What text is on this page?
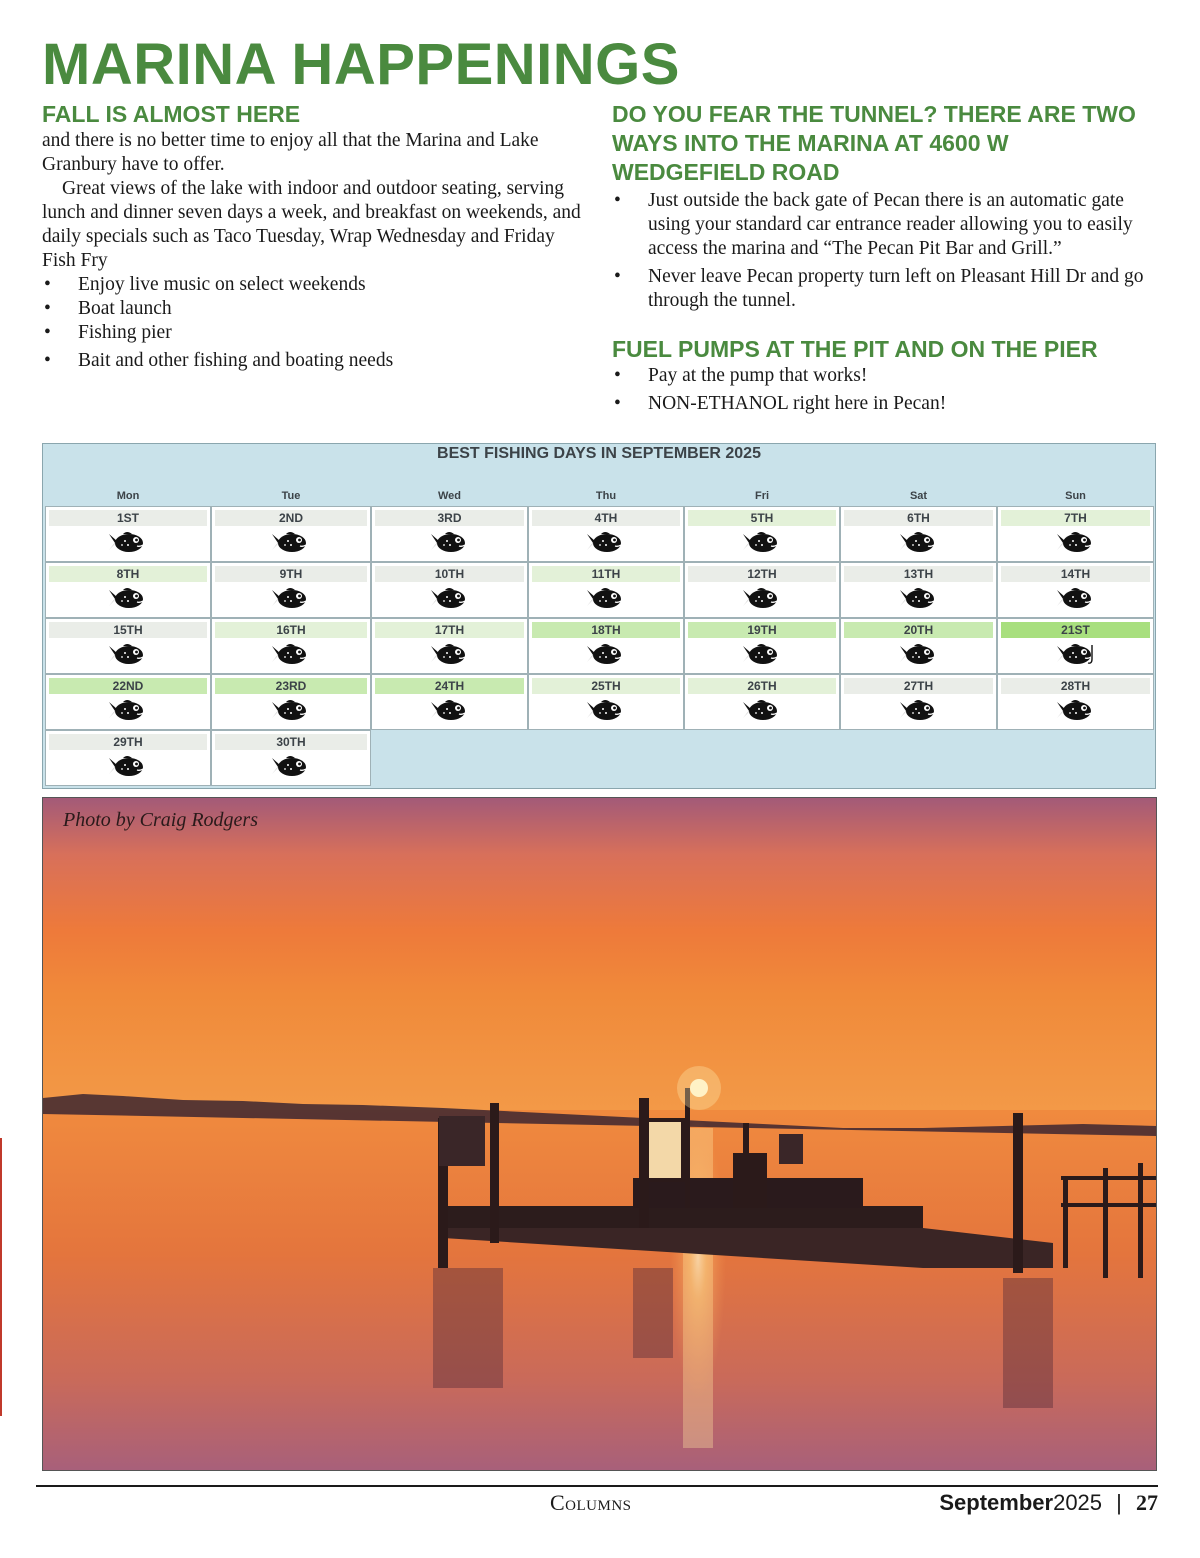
MARINA HAPPENINGS
FALL IS ALMOST HERE

and there is no better time to enjoy all that the Marina and Lake Granbury have to offer.

Great views of the lake with indoor and outdoor seating, serving lunch and dinner seven days a week, and breakfast on weekends, and daily specials such as Taco Tuesday, Wrap Wednesday and Friday Fish Fry

• Enjoy live music on select weekends
• Boat launch
• Fishing pier
• Bait and other fishing and boating needs
DO YOU FEAR THE TUNNEL? THERE ARE TWO WAYS INTO THE MARINA AT 4600 W WEDGEFIELD ROAD
• Just outside the back gate of Pecan there is an automatic gate using your standard car entrance reader allowing you to easily access the marina and “The Pecan Pit Bar and Grill.”
• Never leave Pecan property turn left on Pleasant Hill Dr and go through the tunnel.
FUEL PUMPS AT THE PIT AND ON THE PIER
• Pay at the pump that works!
• NON-ETHANOL right here in Pecan!
BEST FISHING DAYS IN SEPTEMBER 2025
Mon	Tue	Wed	Thu	Fri	Sat	Sun
1ST	2ND	3RD	4TH	5TH	6TH	7TH
8TH	9TH	10TH	11TH	12TH	13TH	14TH
15TH	16TH	17TH	18TH	19TH	20TH	21ST
22ND	23RD	24TH	25TH	26TH	27TH	28TH
29TH	30TH
Photo by Craig Rodgers
Columns	September2025 | 27
